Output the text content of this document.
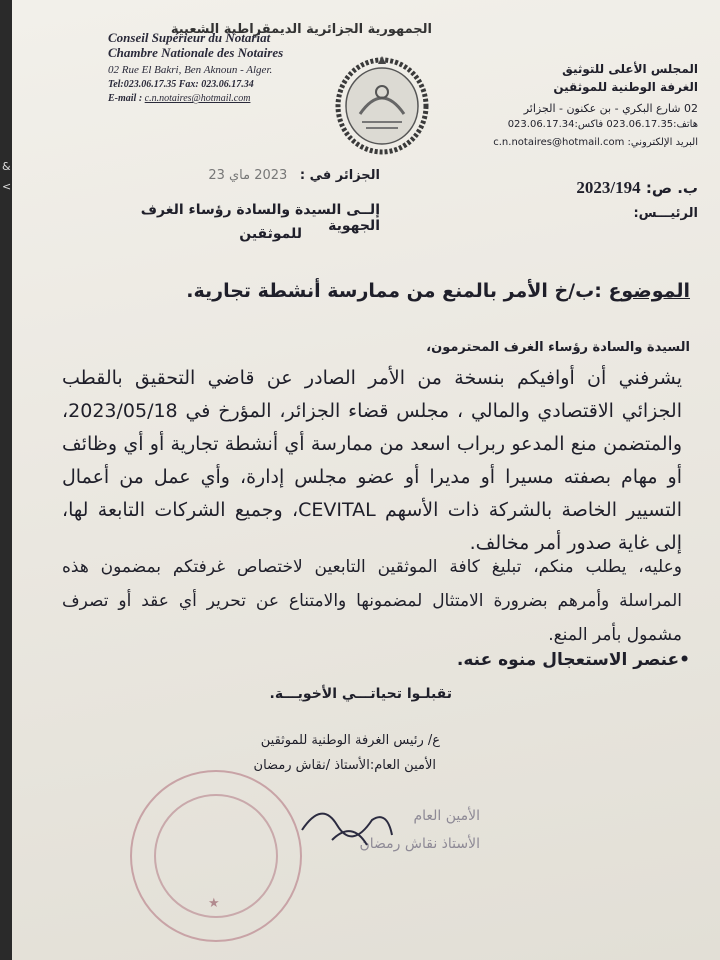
&
<
الجمهورية الجزائرية الديمقراطية الشعبية
Conseil Supérieur du Notariat
Chambre Nationale des Notaires
02 Rue El Bakri, Ben Aknoun - Alger.
Tel:023.06.17.35 Fax: 023.06.17.34
E-mail : c.n.notaires@hotmail.com
المجلس الأعلى للتوثيق
الغرفة الوطنية للموثقين
02 شارع البكري - بن عكنون - الجزائر
هاتف:023.06.17.35 فاكس:023.06.17.34
البريد الإلكتروني: c.n.notaires@hotmail.com
ب. ص: 2023/194
الرئيـــس:
الجزائر في : 2023 ماي 23
إلــى السيدة والسادة رؤساء الغرف الجهوية
للموثقين
الموضوع :ب/خ الأمر بالمنع من ممارسة أنشطة تجارية.
السيدة والسادة رؤساء الغرف المحترمون،
يشرفني أن أوافيكم بنسخة من الأمر الصادر عن قاضي التحقيق بالقطب الجزائي الاقتصادي والمالي ، مجلس قضاء الجزائر، المؤرخ في 2023/05/18، والمتضمن منع المدعو ربراب اسعد من ممارسة أي أنشطة تجارية أو أي وظائف أو مهام بصفته مسيرا أو مديرا أو عضو مجلس إدارة، وأي عمل من أعمال التسيير الخاصة بالشركة ذات الأسهم CEVITAL، وجميع الشركات التابعة لها، إلى غاية صدور أمر مخالف.
وعليه، يطلب منكم، تبليغ كافة الموثقين التابعين لاختصاص غرفتكم بمضمون هذه المراسلة وأمرهم بضرورة الامتثال لمضمونها والامتناع عن تحرير أي عقد أو تصرف مشمول بأمر المنع.
•عنصر الاستعجال منوه عنه.
تقبلـوا تحياتـــي الأخويـــة.
ع/ رئيس الغرفة الوطنية للموثقين
الأمين العام:الأستاذ /نقاش رمضان
★
الأمين العام
الأستاذ نقاش رمضان
